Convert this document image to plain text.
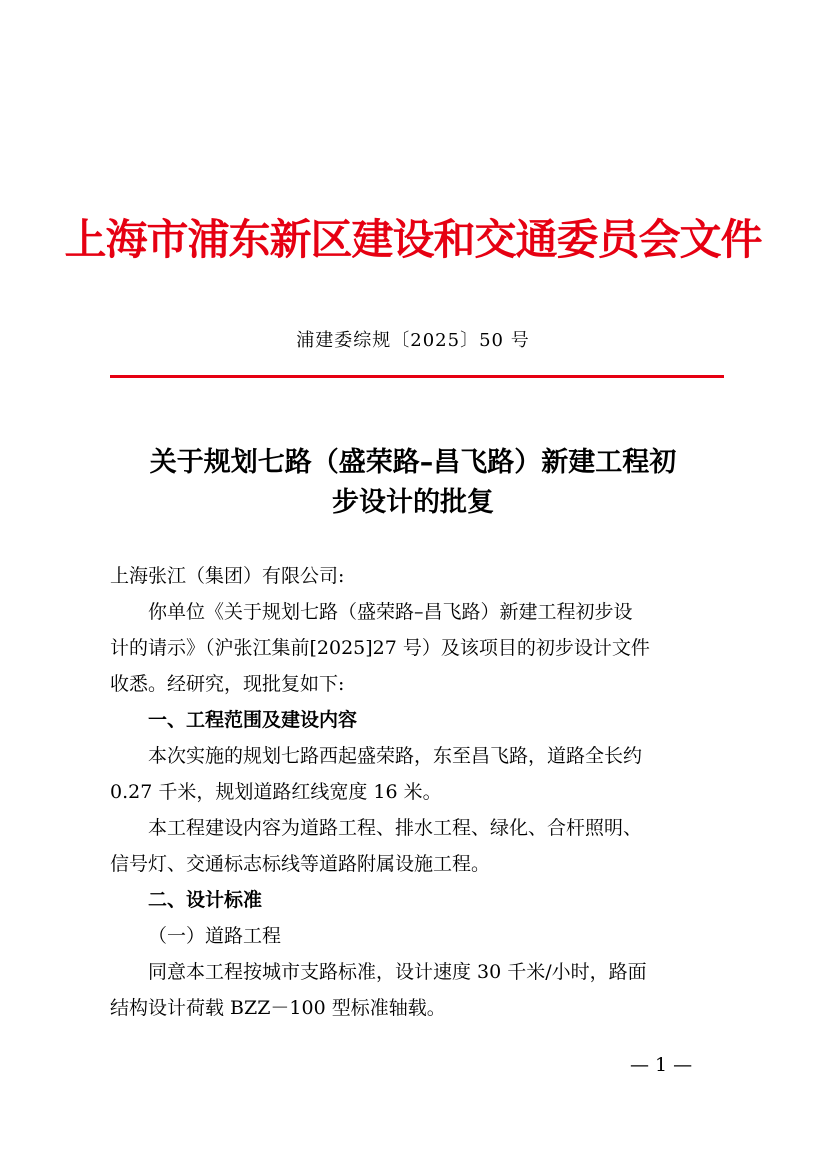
上海市浦东新区建设和交通委员会文件
浦建委综规〔2025〕50 号
关于规划七路（盛荣路–昌飞路）新建工程初
步设计的批复

上海张江（集团）有限公司:

你单位《关于规划七路（盛荣路–昌飞路）新建工程初步设

计的请示》（沪张江集前[2025]27 号）及该项目的初步设计文件

收悉。经研究，现批复如下:

一、工程范围及建设内容

本次实施的规划七路西起盛荣路，东至昌飞路，道路全长约

0.27 千米，规划道路红线宽度 16 米。

本工程建设内容为道路工程、排水工程、绿化、合杆照明、

信号灯、交通标志标线等道路附属设施工程。

二、设计标准

（一）道路工程

同意本工程按城市支路标准，设计速度 30 千米/小时，路面

结构设计荷载 BZZ－100 型标准轴载。

— 1 —
